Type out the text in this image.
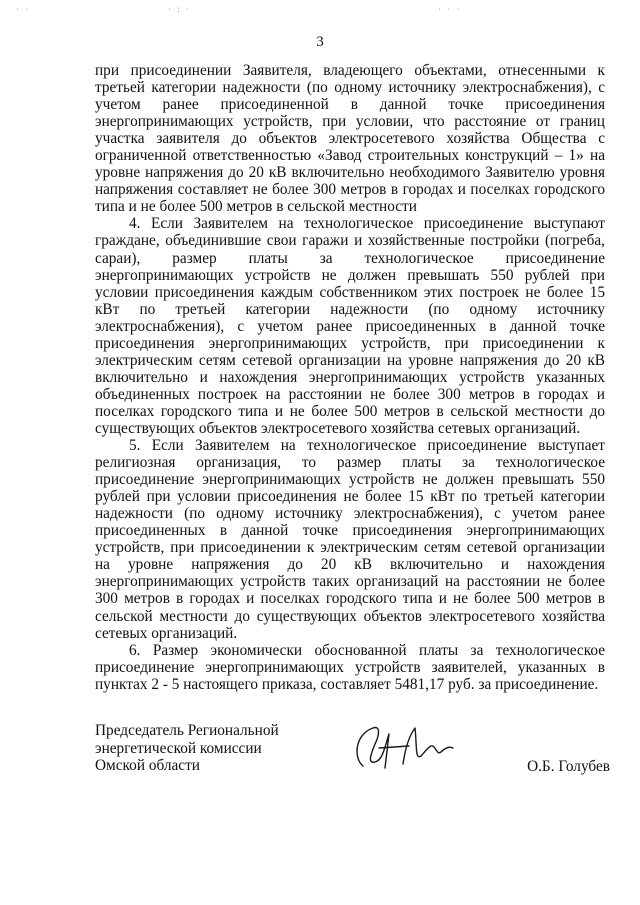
· ·	· : ·	· · ·
3

при присоединении Заявителя, владеющего объектами, отнесенными к третьей категории надежности (по одному источнику электроснабжения), с учетом ранее присоединенной в данной точке присоединения энергопринимающих устройств, при условии, что расстояние от границ участка заявителя до объектов электросетевого хозяйства Общества с ограниченной ответственностью «Завод строительных конструкций – 1» на уровне напряжения до 20 кВ включительно необходимого Заявителю уровня напряжения составляет не более 300 метров в городах и поселках городского типа и не более 500 метров в сельской местности

4. Если Заявителем на технологическое присоединение выступают граждане, объединившие свои гаражи и хозяйственные постройки (погреба, сараи), размер платы за технологическое присоединение энергопринимающих устройств не должен превышать 550 рублей при условии присоединения каждым собственником этих построек не более 15 кВт по третьей категории надежности (по одному источнику электроснабжения), с учетом ранее присоединенных в данной точке присоединения энергопринимающих устройств, при присоединении к электрическим сетям сетевой организации на уровне напряжения до 20 кВ включительно и нахождения энергопринимающих устройств указанных объединенных построек на расстоянии не более 300 метров в городах и поселках городского типа и не более 500 метров в сельской местности до существующих объектов электросетевого хозяйства сетевых организаций.

5. Если Заявителем на технологическое присоединение выступает религиозная организация, то размер платы за технологическое присоединение энергопринимающих устройств не должен превышать 550 рублей при условии присоединения не более 15 кВт по третьей категории надежности (по одному источнику электроснабжения), с учетом ранее присоединенных в данной точке присоединения энергопринимающих устройств, при присоединении к электрическим сетям сетевой организации на уровне напряжения до 20 кВ включительно и нахождения энергопринимающих устройств таких организаций на расстоянии не более 300 метров в городах и поселках городского типа и не более 500 метров в сельской местности до существующих объектов электросетевого хозяйства сетевых организаций.

6. Размер экономически обоснованной платы за технологическое присоединение энергопринимающих устройств заявителей, указанных в пунктах 2 - 5 настоящего приказа, составляет 5481,17 руб. за присоединение.

Председатель Региональной
энергетической комиссии
Омской области	О.Б. Голубев
